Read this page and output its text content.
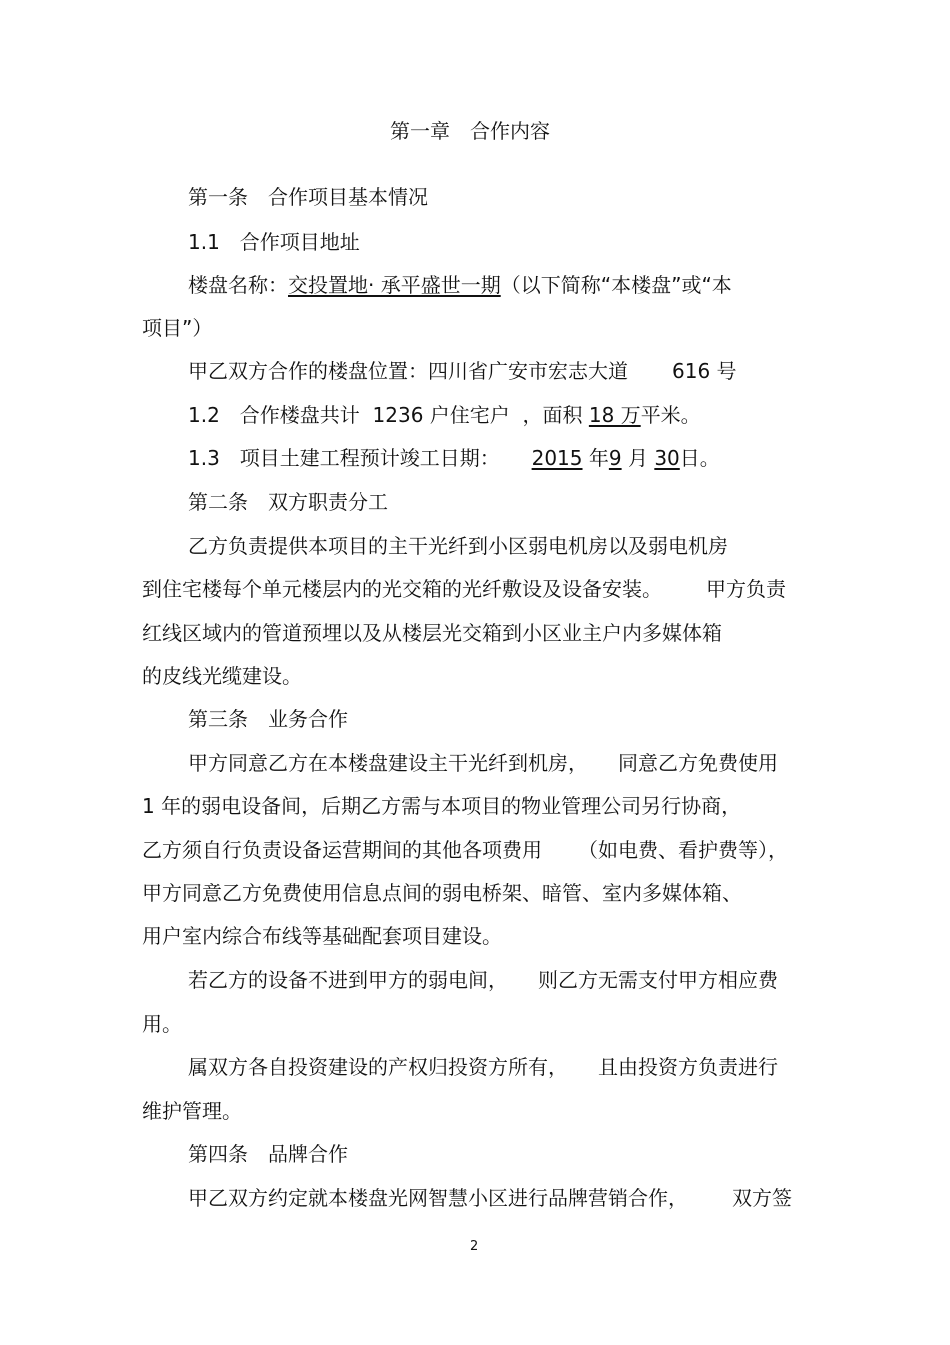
第一章　合作内容
第一条　合作项目基本情况
1.1　合作项目地址
楼盘名称：交投置地· 承平盛世一期（以下简称“本楼盘”或“本
项目”）
甲乙双方合作的楼盘位置：四川省广安市宏志大道 616 号
1.2　合作楼盘共计 1236 户住宅户 ，面积 18 万平米。
1.3　项目土建工程预计竣工日期： 2015 年9 月 30日。
第二条　双方职责分工
乙方负责提供本项目的主干光纤到小区弱电机房以及弱电机房
到住宅楼每个单元楼层内的光交箱的光纤敷设及设备安装。 甲方负责
红线区域内的管道预埋以及从楼层光交箱到小区业主户内多媒体箱
的皮线光缆建设。
第三条　业务合作
甲方同意乙方在本楼盘建设主干光纤到机房， 同意乙方免费使用
1 年的弱电设备间，后期乙方需与本项目的物业管理公司另行协商，
乙方须自行负责设备运营期间的其他各项费用 （如电费、看护费等），
甲方同意乙方免费使用信息点间的弱电桥架、暗管、室内多媒体箱、
用户室内综合布线等基础配套项目建设。
若乙方的设备不进到甲方的弱电间， 则乙方无需支付甲方相应费
用。
属双方各自投资建设的产权归投资方所有， 且由投资方负责进行
维护管理。
第四条　品牌合作
甲乙双方约定就本楼盘光网智慧小区进行品牌营销合作， 双方签
2
